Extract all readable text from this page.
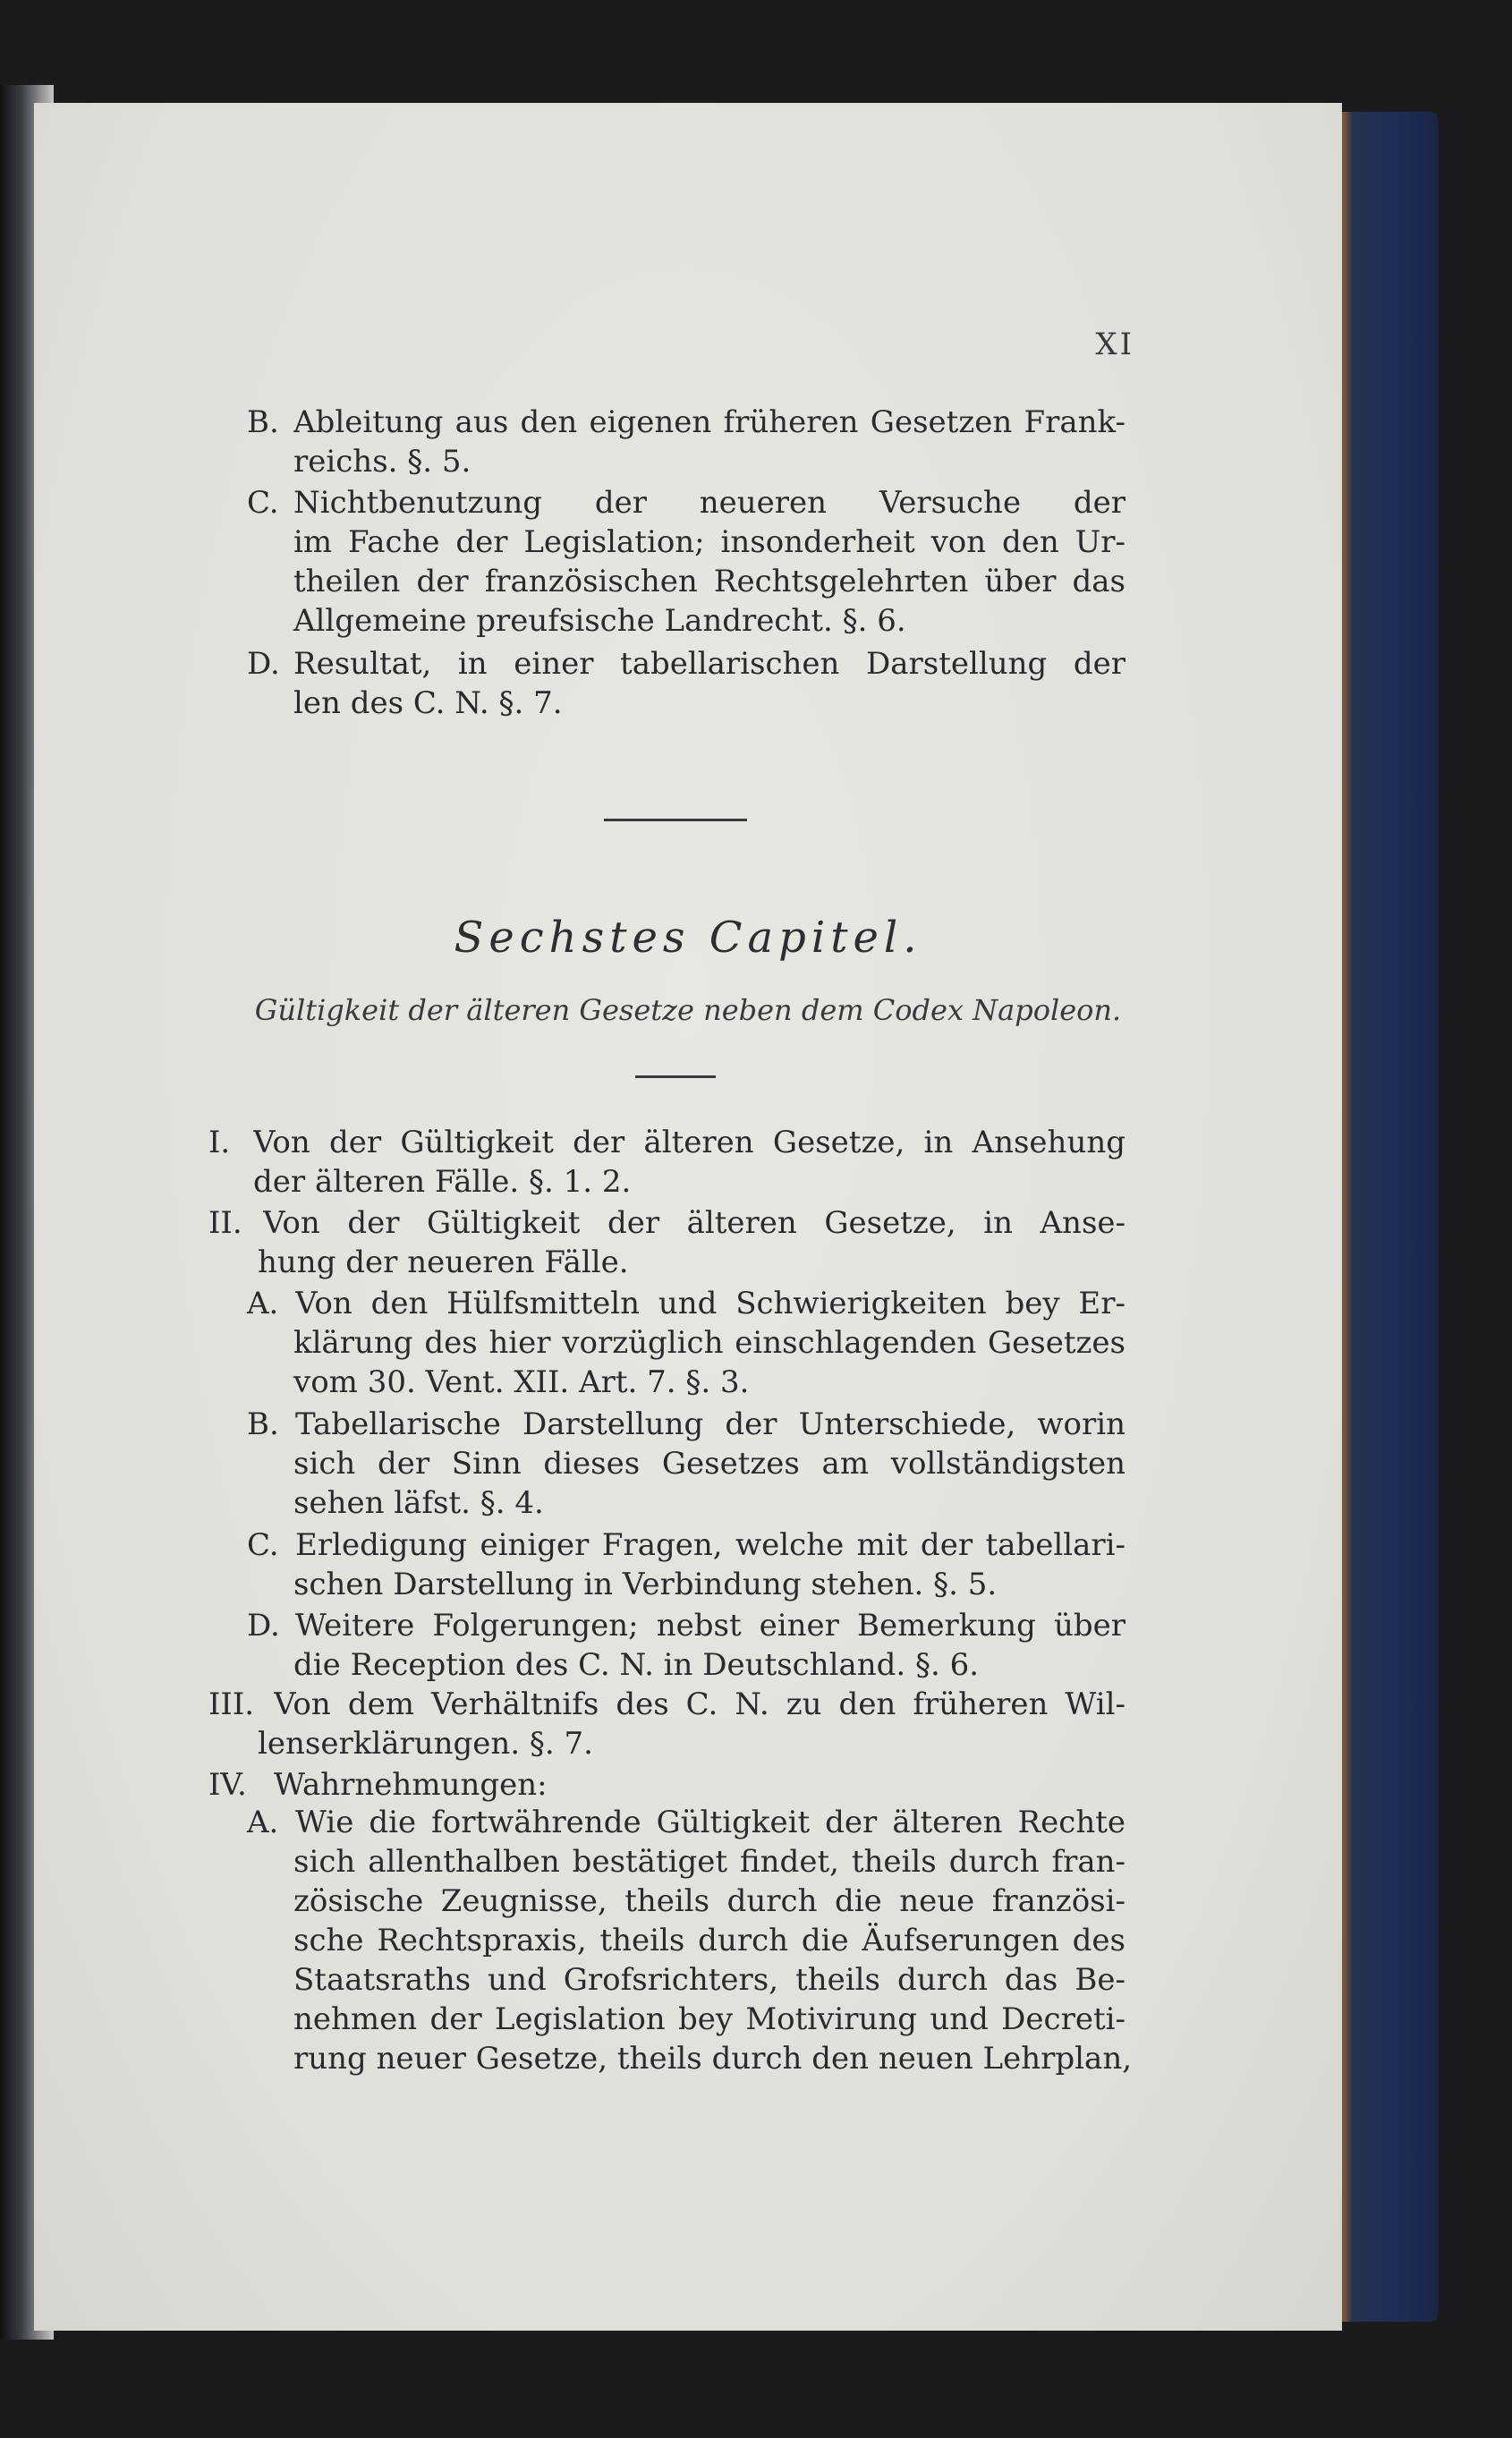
XI
B. Ableitung aus den eigenen früheren Gesetzen Frank-
reichs. §. 5.
C. Nichtbenutzung der neueren Versuche der
im Fache der Legislation; insonderheit von den Ur-
theilen der französischen Rechtsgelehrten über das
Allgemeine preufsische Landrecht. §. 6.
D. Resultat, in einer tabellarischen Darstellung der
len des C. N. §. 7.
Sechstes Capitel.
Gültigkeit der älteren Gesetze neben dem Codex Napoleon.
I. Von der Gültigkeit der älteren Gesetze, in Ansehung
der älteren Fälle. §. 1. 2.
II. Von der Gültigkeit der älteren Gesetze, in Anse-
hung der neueren Fälle.
A. Von den Hülfsmitteln und Schwierigkeiten bey Er-
klärung des hier vorzüglich einschlagenden Gesetzes
vom 30. Vent. XII. Art. 7. §. 3.
B. Tabellarische Darstellung der Unterschiede, worin
sich der Sinn dieses Gesetzes am vollständigsten
sehen läfst. §. 4.
C. Erledigung einiger Fragen, welche mit der tabellari-
schen Darstellung in Verbindung stehen. §. 5.
D. Weitere Folgerungen; nebst einer Bemerkung über
die Reception des C. N. in Deutschland. §. 6.
III. Von dem Verhältnifs des C. N. zu den früheren Wil-
lenserklärungen. §. 7.
IV. Wahrnehmungen:
A. Wie die fortwährende Gültigkeit der älteren Rechte
sich allenthalben bestätiget findet, theils durch fran-
zösische Zeugnisse, theils durch die neue französi-
sche Rechtspraxis, theils durch die Äufserungen des
Staatsraths und Grofsrichters, theils durch das Be-
nehmen der Legislation bey Motivirung und Decreti-
rung neuer Gesetze, theils durch den neuen Lehrplan,
